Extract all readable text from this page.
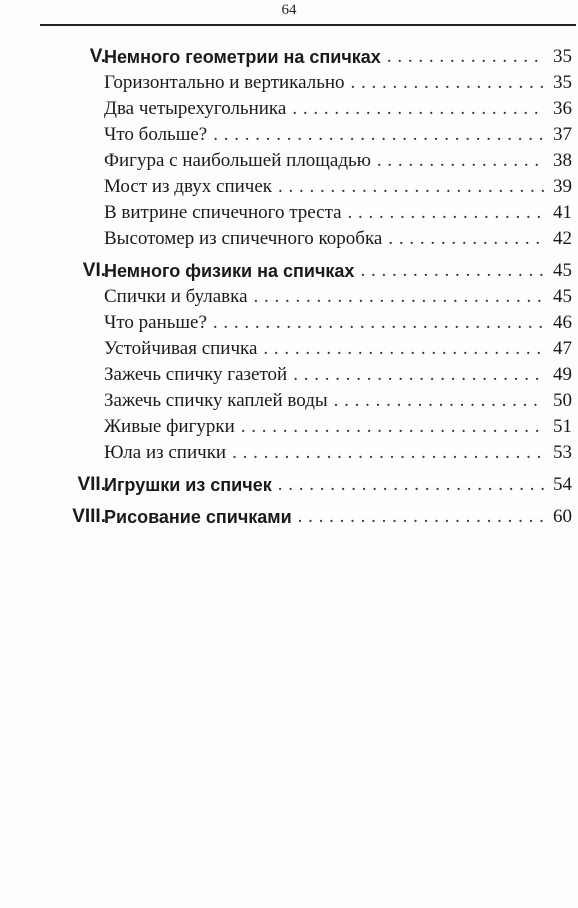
64
V.
Немного геометрии на спичках . . .	35
Горизонтально и вертикально . . .	35
Два четырехугольника . . .	36
Что больше? . . .	37
Фигура с наибольшей площадью . . .	38
Мост из двух спичек . . .	39
В витрине спичечного треста . . .	41
Высотомер из спичечного коробка . . .	42
VI.
Немного физики на спичках . . .	45
Спички и булавка . . .	45
Что раньше? . . .	46
Устойчивая спичка . . .	47
Зажечь спичку газетой . . .	49
Зажечь спичку каплей воды . . .	50
Живые фигурки . . .	51
Юла из спички . . .	53
VII.
Игрушки из спичек . . .	54
VIII.
Рисование спичками . . .	60
